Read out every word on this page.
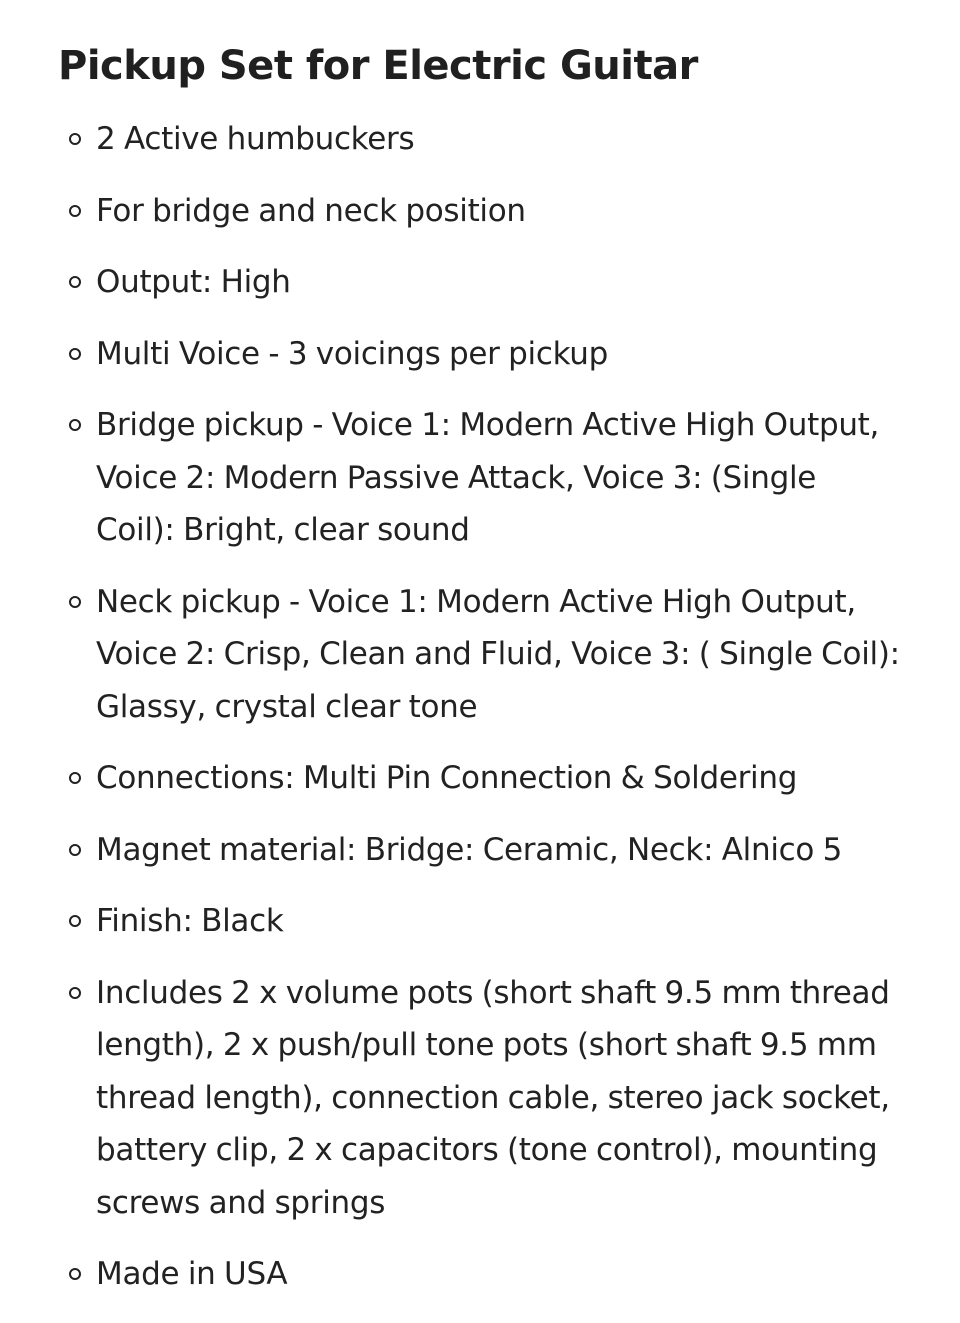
Pickup Set for Electric Guitar
2 Active humbuckers
For bridge and neck position
Output: High
Multi Voice - 3 voicings per pickup
Bridge pickup - Voice 1: Modern Active High Output, Voice 2: Modern Passive Attack, Voice 3: (Single Coil): Bright, clear sound
Neck pickup - Voice 1: Modern Active High Output, Voice 2: Crisp, Clean and Fluid, Voice 3: ( Single Coil): Glassy, crystal clear tone
Connections: Multi Pin Connection & Soldering
Magnet material: Bridge: Ceramic, Neck: Alnico 5
Finish: Black
Includes 2 x volume pots (short shaft 9.5 mm thread length), 2 x push/pull tone pots (short shaft 9.5 mm thread length), connection cable, stereo jack socket, battery clip, 2 x capacitors (tone control), mounting screws and springs
Made in USA
